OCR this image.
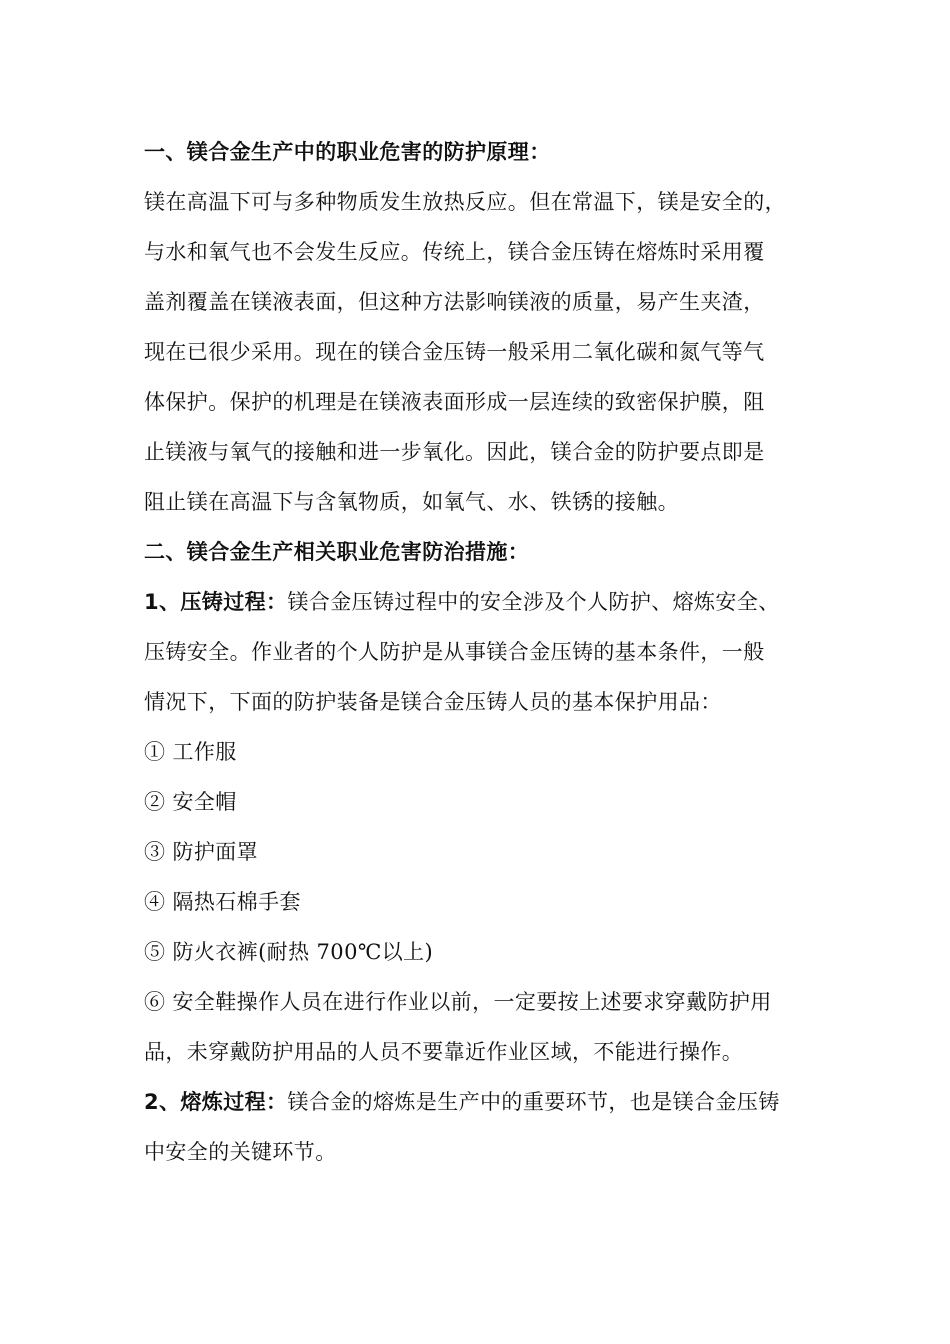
一、镁合金生产中的职业危害的防护原理：
镁在高温下可与多种物质发生放热反应。但在常温下，镁是安全的，
与水和氧气也不会发生反应。传统上，镁合金压铸在熔炼时采用覆
盖剂覆盖在镁液表面，但这种方法影响镁液的质量，易产生夹渣，
现在已很少采用。现在的镁合金压铸一般采用二氧化碳和氮气等气
体保护。保护的机理是在镁液表面形成一层连续的致密保护膜，阻
止镁液与氧气的接触和进一步氧化。因此，镁合金的防护要点即是
阻止镁在高温下与含氧物质，如氧气、水、铁锈的接触。
二、镁合金生产相关职业危害防治措施：
1、压铸过程：镁合金压铸过程中的安全涉及个人防护、熔炼安全、
压铸安全。作业者的个人防护是从事镁合金压铸的基本条件，一般
情况下，下面的防护装备是镁合金压铸人员的基本保护用品：
① 工作服
② 安全帽
③ 防护面罩
④ 隔热石棉手套
⑤ 防火衣裤(耐热 700℃以上)
⑥ 安全鞋操作人员在进行作业以前，一定要按上述要求穿戴防护用
品，未穿戴防护用品的人员不要靠近作业区域，不能进行操作。
2、熔炼过程：镁合金的熔炼是生产中的重要环节，也是镁合金压铸
中安全的关键环节。
